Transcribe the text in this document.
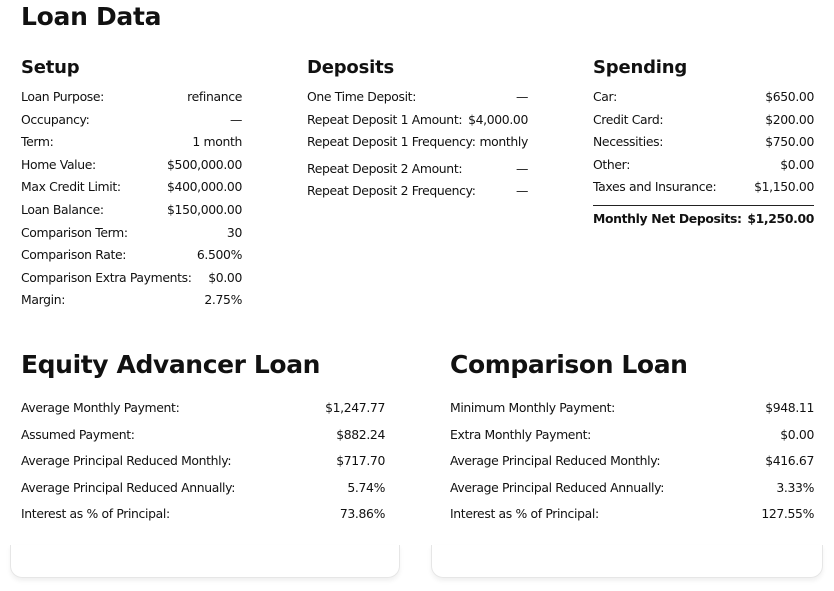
Loan Data
Setup
Loan Purpose:	refinance
Occupancy:	—
Term:	1 month
Home Value:	$500,000.00
Max Credit Limit:	$400,000.00
Loan Balance:	$150,000.00
Comparison Term:	30
Comparison Rate:	6.500%
Comparison Extra Payments: $0.00
Margin:	2.75%
Deposits
One Time Deposit:	—
Repeat Deposit 1 Amount: $4,000.00
Repeat Deposit 1 Frequency: monthly
Repeat Deposit 2 Amount:	—
Repeat Deposit 2 Frequency:	—
Spending
Car:	$650.00
Credit Card:	$200.00
Necessities:	$750.00
Other:	$0.00
Taxes and Insurance:	$1,150.00
Monthly Net Deposits: $1,250.00
Equity Advancer Loan
Average Monthly Payment:	$1,247.77
Assumed Payment:	$882.24
Average Principal Reduced Monthly:	$717.70
Average Principal Reduced Annually:	5.74%
Interest as % of Principal:	73.86%
Comparison Loan
Minimum Monthly Payment:	$948.11
Extra Monthly Payment:	$0.00
Average Principal Reduced Monthly:	$416.67
Average Principal Reduced Annually:	3.33%
Interest as % of Principal:	127.55%
